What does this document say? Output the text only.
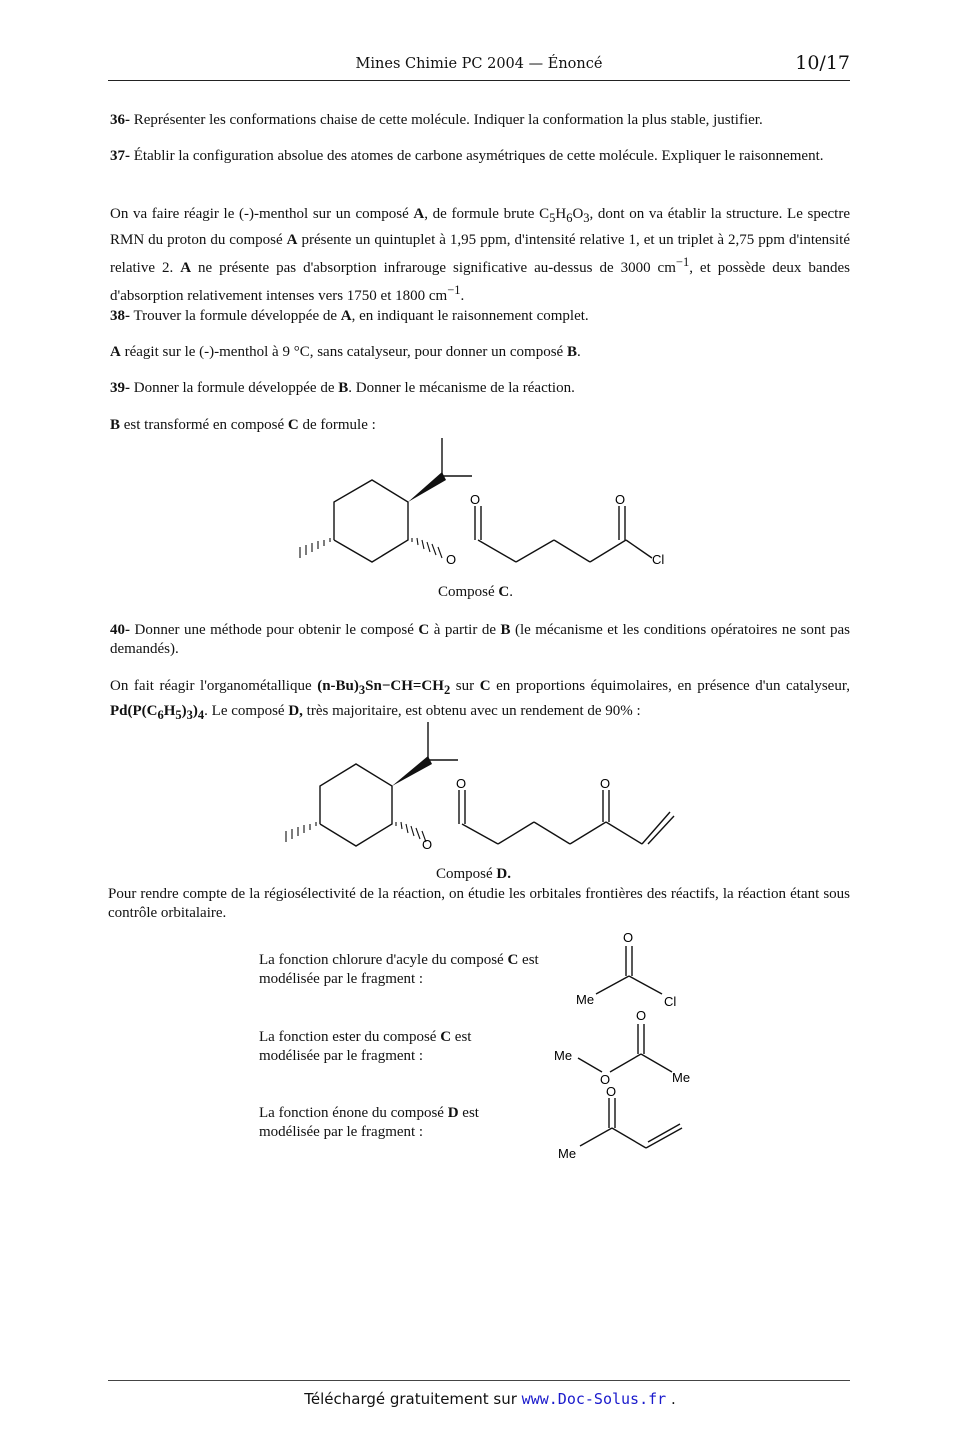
Mines Chimie PC 2004 — Énoncé	10/17
36- Représenter les conformations chaise de cette molécule. Indiquer la conformation la plus stable, justifier.
37- Établir la configuration absolue des atomes de carbone asymétriques de cette molécule. Expliquer le raisonnement.
On va faire réagir le (-)-menthol sur un composé A, de formule brute $C_5H_6O_3$, dont on va établir la structure. Le spectre RMN du proton du composé A présente un quintuplet à 1,95 ppm, d'intensité relative 1, et un triplet à 2,75 ppm d'intensité relative 2. A ne présente pas d'absorption infrarouge significative au-dessus de 3000 $cm^{-1}$, et possède deux bandes d'absorption relativement intenses vers 1750 et 1800 $cm^{-1}$.
38- Trouver la formule développée de A, en indiquant le raisonnement complet.
A réagit sur le (-)-menthol à 9 °C, sans catalyseur, pour donner un composé B.
39- Donner la formule développée de B. Donner le mécanisme de la réaction.
B est transformé en composé C de formule :
O	O
O	Cl
Composé C.
40- Donner une méthode pour obtenir le composé C à partir de B (le mécanisme et les conditions opératoires ne sont pas demandés).
On fait réagir l'organométallique $(n-Bu)_3Sn-CH=CH_2$ sur C en proportions équimolaires, en présence d'un catalyseur, $Pd(P(C_6H_5)_3)_4$. Le composé D, très majoritaire, est obtenu avec un rendement de 90% :
O	O
O
Composé D.
Pour rendre compte de la régiosélectivité de la réaction, on étudie les orbitales frontières des réactifs, la réaction étant sous contrôle orbitalaire.
La fonction chlorure d'acyle du composé C est modélisée par le fragment :
O
Me	Cl
La fonction ester du composé C est modélisée par le fragment :
O
Me
O	Me
La fonction énone du composé D est modélisée par le fragment :
O
Me
Téléchargé gratuitement sur www.Doc-Solus.fr .
